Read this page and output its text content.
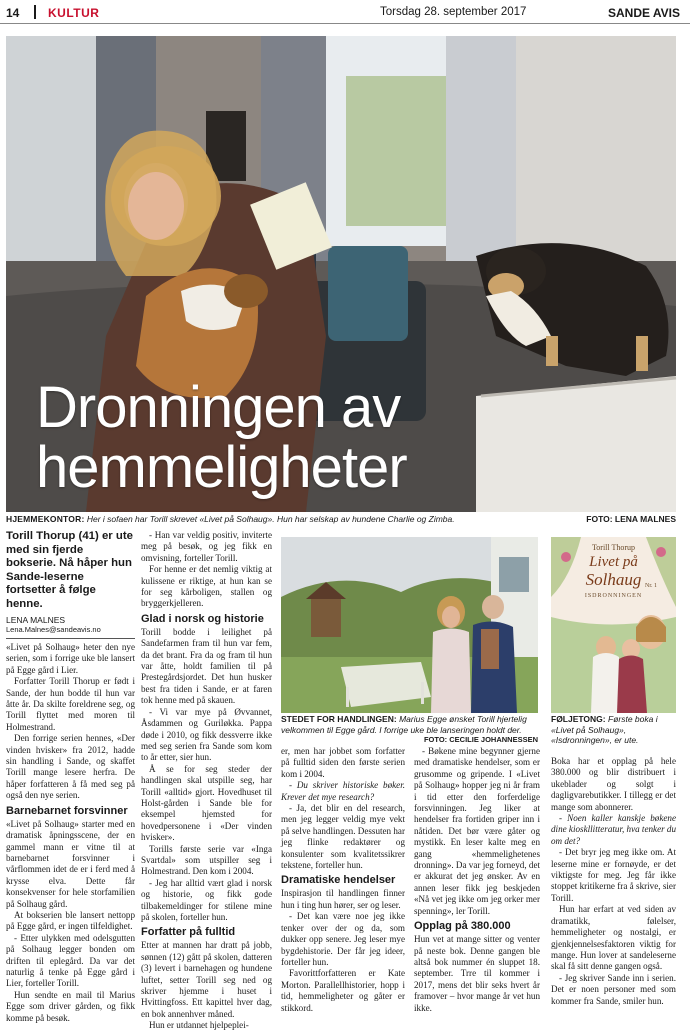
14 KULTUR	Torsdag 28. september 2017	SANDE AVIS
Dronningen av
hemmeligheter
HJEMMEKONTOR: Her i sofaen har Torill skrevet «Livet på Solhaug». Hun har selskap av hundene Charlie og Zimba.	FOTO: LENA MALNES
Torill Thorup (41) er ute med sin fjerde bokserie. Nå håper hun Sande-leserne fortsetter å følge henne.
LENA MALNES
Lena.Malnes@sandeavis.no

«Livet på Solhaug» heter den nye serien, som i forrige uke ble lansert på Egge gård i Lier.

Forfatter Torill Thorup er født i Sande, der hun bodde til hun var åtte år. Da skilte foreldrene seg, og Torill flyttet med moren til Holmestrand.

Den forrige serien hennes, «Der vinden hvisker» fra 2012, hadde sin handling i Sande, og skaffet Torill mange lesere herfra. De håper forfatteren å få med seg på også den nye serien.

Barnebarnet forsvinner

«Livet på Solhaug» starter med en dramatisk åpningsscene, der en gammel mann er vitne til at barnebarnet forsvinner i vårflommen idet de er i ferd med å krysse elva. Dette får konsekvenser for hele storfamilien på Solhaug gård.

At bokserien ble lansert nettopp på Egge gård, er ingen tilfeldighet.

- Etter ulykken med odelsgutten på Solhaug legger bonden om driften til eplegård. Da var det naturlig å tenke på Egge gård i Lier, forteller Torill.

Hun sendte en mail til Marius Egge som driver gården, og fikk komme på besøk.

- Han var veldig positiv, inviterte meg på besøk, og jeg fikk en omvisning, forteller Torill.

For henne er det nemlig viktig at kulissene er riktige, at hun kan se for seg kårboligen, stallen og bryggerkjelleren.

Glad i norsk og historie

Torill bodde i leilighet på Sandefarmen fram til hun var fem, da det brant. Fra da og fram til hun var åtte, holdt familien til på Prestegårdsjordet. Det hun husker best fra tiden i Sande, er at faren tok henne med på skauen.

- Vi var mye på Øvvannet, Åsdammen og Guriløkka. Pappa døde i 2010, og fikk dessverre ikke med seg serien fra Sande som kom to år etter, sier hun.

Å se for seg steder der handlingen skal utspille seg, har Torill «alltid» gjort. Hovedhuset til Holst-gården i Sande ble for eksempel hjemsted for hovedpersonene i «Der vinden hvisker».

Torills første serie var «Inga Svartdal» som utspiller seg i Holmestrand. Den kom i 2004.

- Jeg har alltid vært glad i norsk og historie, og fikk gode tilbakemeldinger for stilene mine på skolen, forteller hun.

Forfatter på fulltid

Etter at mannen har dratt på jobb, sønnen (12) gått på skolen, datteren (3) levert i barnehagen og hundene luftet, setter Torill seg ned og skriver hjemme i huset i Hvittingfoss. Ett kapittel hver dag, en bok annenhver måned.

Hun er utdannet hjelpeplei-

STEDET FOR HANDLINGEN: Marius Egge ønsket Torill hjertelig velkommen til Egge gård. I forrige uke ble lanseringen holdt der.
FOTO: CECILIE JOHANNESSEN
Torill Thorup
Livet på
Solhaug
ISDRONNINGEN
Nr. 1
FØLJETONG: Første boka i «Livet på Solhaug», «Isdronningen», er ute.

er, men har jobbet som forfatter på fulltid siden den første serien kom i 2004.

- Du skriver historiske bøker. Krever det mye research?

- Ja, det blir en del research, men jeg legger veldig mye vekt på selve handlingen. Dessuten har jeg flinke redaktører og konsulenter som kvalitetssikrer tekstene, forteller hun.

Dramatiske hendelser

Inspirasjon til handlingen finner hun i ting hun hører, ser og leser.

- Det kan være noe jeg ikke tenker over der og da, som dukker opp senere. Jeg leser mye bygdehistorie. Der får jeg ideer, forteller hun.

Favorittforfatteren er Kate Morton. Parallellhistorier, hopp i tid, hemmeligheter og gåter er stikkord.

- Bøkene mine begynner gjerne med dramatiske hendelser, som er grusomme og gripende. I «Livet på Solhaug» hopper jeg ni år fram i tid etter den forferdelige forsvinningen. Jeg liker at hendelser fra fortiden griper inn i nåtiden. Det bør være gåter og mystikk. En leser kalte meg en gang «hemmelighetenes dronning». Da var jeg forneyd, det er akkurat det jeg ønsker. Av en annen leser fikk jeg beskjeden «Nå vet jeg ikke om jeg orker mer spenning», ler Torill.

Opplag på 380.000

Hun vet at mange sitter og venter på neste bok. Denne gangen ble altså bok nummer én sluppet 18. september. Trre til kommer i 2017, mens det blir seks hvert år framover – hvor mange år vet hun ikke.

Boka har et opplag på hele 380.000 og blir distribuert i ukeblader og solgt i dagligvarebutikker. I tillegg er det mange som abonnerer.

- Noen kaller kanskje bøkene dine kioskllitteratur, hva tenker du om det?

- Det bryr jeg meg ikke om. At leserne mine er fornøyde, er det viktigste for meg. Jeg får ikke stoppet kritikerne fra å skrive, sier Torill.

Hun har erfart at ved siden av dramatikk, følelser, hemmeligheter og nostalgi, er gjenkjennelsesfaktoren viktig for mange. Hun lover at sandeleserne skal få sitt denne gangen også.

- Jeg skriver Sande inn i serien. Det er noen personer med som kommer fra Sande, smiler hun.
